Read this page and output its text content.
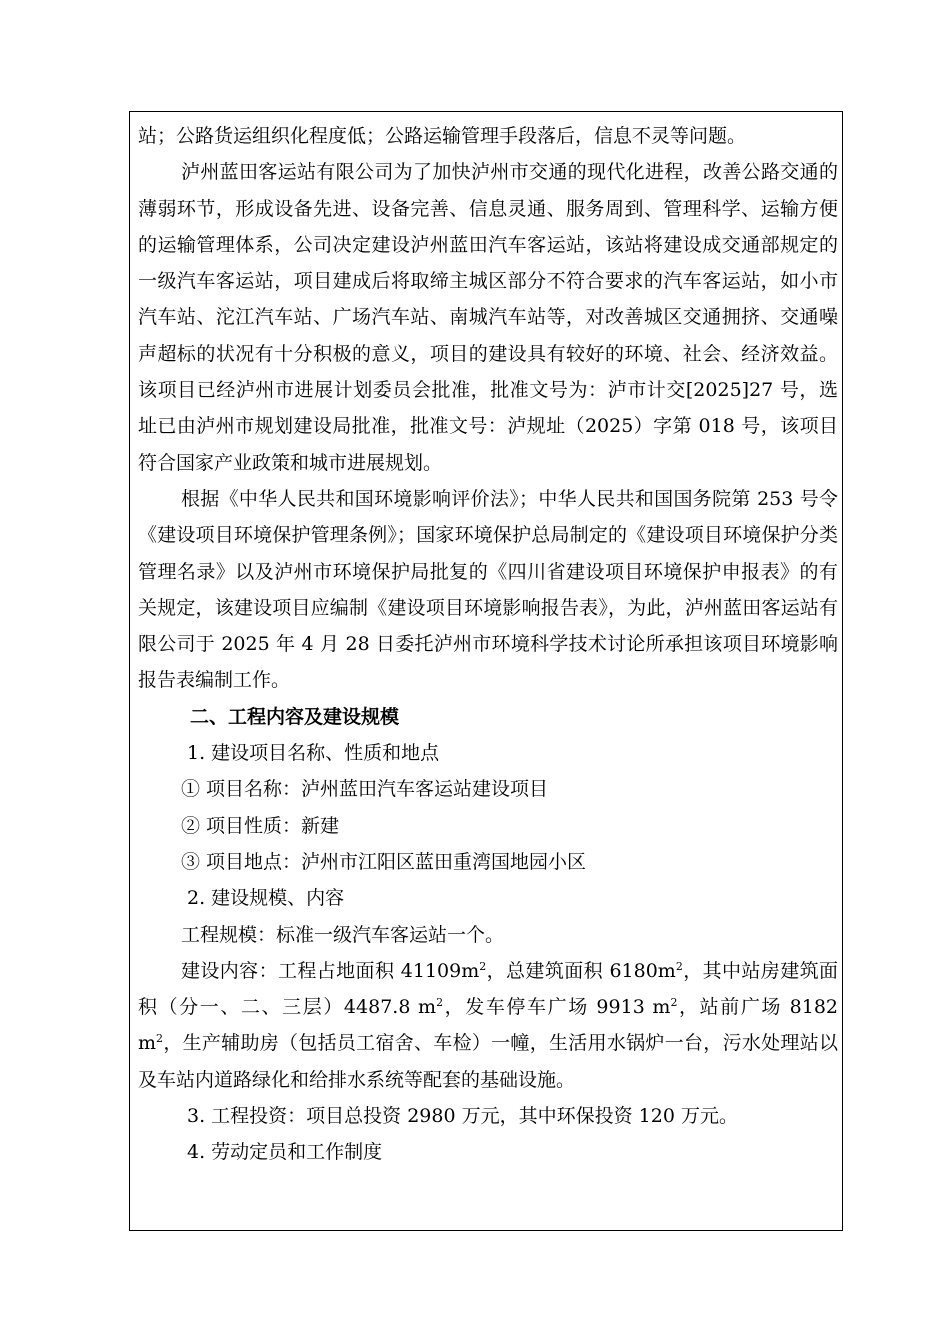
站；公路货运组织化程度低；公路运输管理手段落后，信息不灵等问题。

泸州蓝田客运站有限公司为了加快泸州市交通的现代化进程，改善公路交通的薄弱环节，形成设备先进、设备完善、信息灵通、服务周到、管理科学、运输方便的运输管理体系，公司决定建设泸州蓝田汽车客运站，该站将建设成交通部规定的一级汽车客运站，项目建成后将取缔主城区部分不符合要求的汽车客运站，如小市汽车站、沱江汽车站、广场汽车站、南城汽车站等，对改善城区交通拥挤、交通噪声超标的状况有十分积极的意义，项目的建设具有较好的环境、社会、经济效益。该项目已经泸州市进展计划委员会批准，批准文号为：泸市计交[2025]27 号，选址已由泸州市规划建设局批准，批准文号：泸规址（2025）字第 018 号，该项目符合国家产业政策和城市进展规划。

根据《中华人民共和国环境影响评价法》；中华人民共和国国务院第 253 号令《建设项目环境保护管理条例》；国家环境保护总局制定的《建设项目环境保护分类管理名录》以及泸州市环境保护局批复的《四川省建设项目环境保护申报表》的有关规定，该建设项目应编制《建设项目环境影响报告表》，为此，泸州蓝田客运站有限公司于 2025 年 4 月 28 日委托泸州市环境科学技术讨论所承担该项目环境影响报告表编制工作。

二、工程内容及建设规模

1. 建设项目名称、性质和地点

① 项目名称：泸州蓝田汽车客运站建设项目

② 项目性质：新建

③ 项目地点：泸州市江阳区蓝田重湾国地园小区

2. 建设规模、内容

工程规模：标准一级汽车客运站一个。

建设内容：工程占地面积 $41109m^2$，总建筑面积 $6180m^2$，其中站房建筑面积（分一、二、三层）4487.8 $m^2$，发车停车广场 9913 $m^2$，站前广场 8182 $m^2$，生产辅助房（包括员工宿舍、车检）一幢，生活用水锅炉一台，污水处理站以及车站内道路绿化和给排水系统等配套的基础设施。

3. 工程投资：项目总投资 2980 万元，其中环保投资 120 万元。

4. 劳动定员和工作制度
